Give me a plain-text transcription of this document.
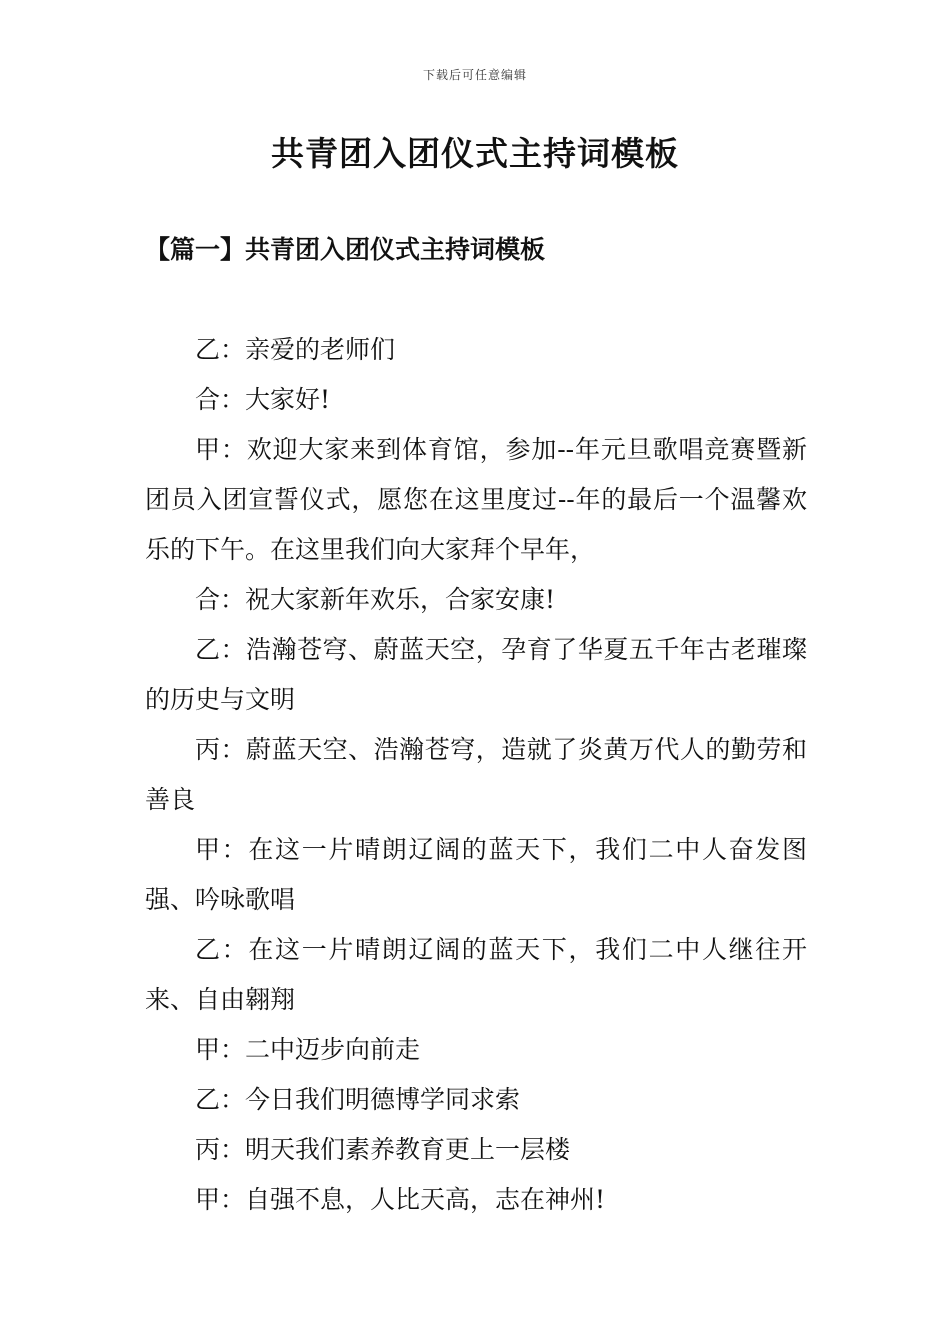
下载后可任意编辑
共青团入团仪式主持词模板
【篇一】共青团入团仪式主持词模板

乙：亲爱的老师们

合：大家好!

甲：欢迎大家来到体育馆，参加--年元旦歌唱竞赛暨新团员入团宣誓仪式，愿您在这里度过--年的最后一个温馨欢乐的下午。在这里我们向大家拜个早年，

合：祝大家新年欢乐，合家安康!

乙：浩瀚苍穹、蔚蓝天空，孕育了华夏五千年古老璀璨的历史与文明

丙：蔚蓝天空、浩瀚苍穹，造就了炎黄万代人的勤劳和善良

甲：在这一片晴朗辽阔的蓝天下，我们二中人奋发图强、吟咏歌唱

乙：在这一片晴朗辽阔的蓝天下，我们二中人继往开来、自由翱翔

甲：二中迈步向前走

乙：今日我们明德博学同求索

丙：明天我们素养教育更上一层楼

甲：自强不息，人比天高，志在神州!
